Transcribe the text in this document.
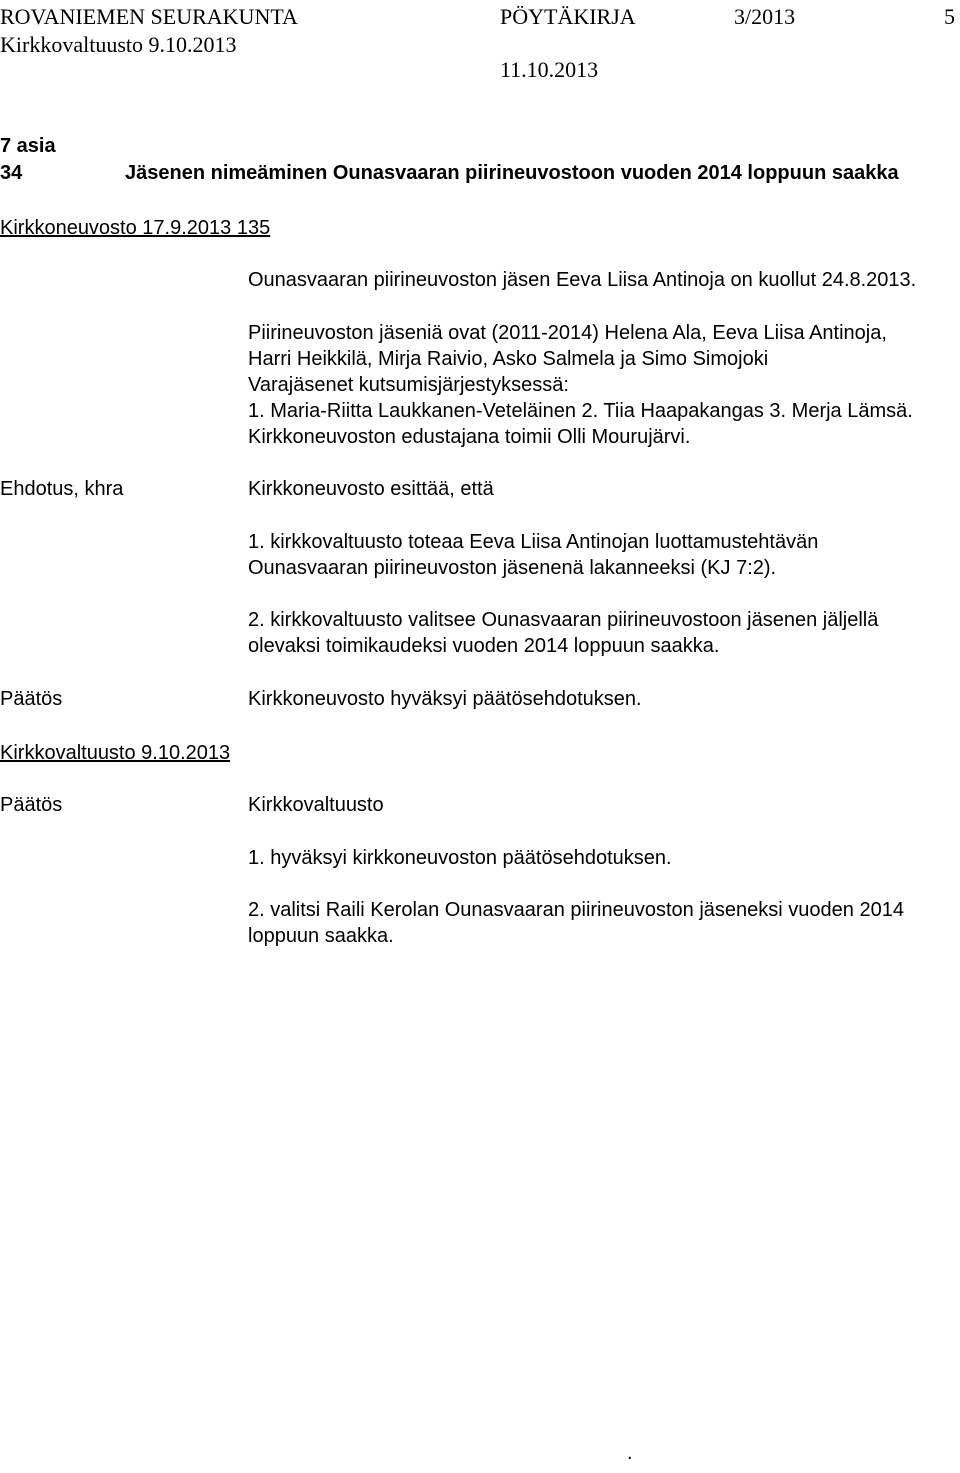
ROVANIEMEN SEURAKUNTA	PÖYTÄKIRJA	3/2013	5
Kirkkovaltuusto 9.10.2013
11.10.2013
7 asia
34	Jäsenen nimeäminen Ounasvaaran piirineuvostoon vuoden 2014 loppuun saakka
Kirkkoneuvosto 17.9.2013 135
Ounasvaaran piirineuvoston jäsen Eeva Liisa Antinoja on kuollut 24.8.2013.
Piirineuvoston jäseniä ovat (2011-2014) Helena Ala, Eeva Liisa Antinoja,
Harri Heikkilä, Mirja Raivio, Asko Salmela ja Simo Simojoki
Varajäsenet kutsumisjärjestyksessä:
1. Maria-Riitta Laukkanen-Veteläinen 2. Tiia Haapakangas 3. Merja Lämsä.
Kirkkoneuvoston edustajana toimii Olli Mourujärvi.
Ehdotus, khra	Kirkkoneuvosto esittää, että
1. kirkkovaltuusto toteaa Eeva Liisa Antinojan luottamustehtävän Ounasvaaran piirineuvoston jäsenenä lakanneeksi (KJ 7:2).
2. kirkkovaltuusto valitsee Ounasvaaran piirineuvostoon jäsenen jäljellä olevaksi toimikaudeksi vuoden 2014 loppuun saakka.
Päätös	Kirkkoneuvosto hyväksyi päätösehdotuksen.
Kirkkovaltuusto 9.10.2013
Päätös	Kirkkovaltuusto
1. hyväksyi kirkkoneuvoston päätösehdotuksen.
2. valitsi Raili Kerolan Ounasvaaran piirineuvoston jäseneksi vuoden 2014 loppuun saakka.
.
